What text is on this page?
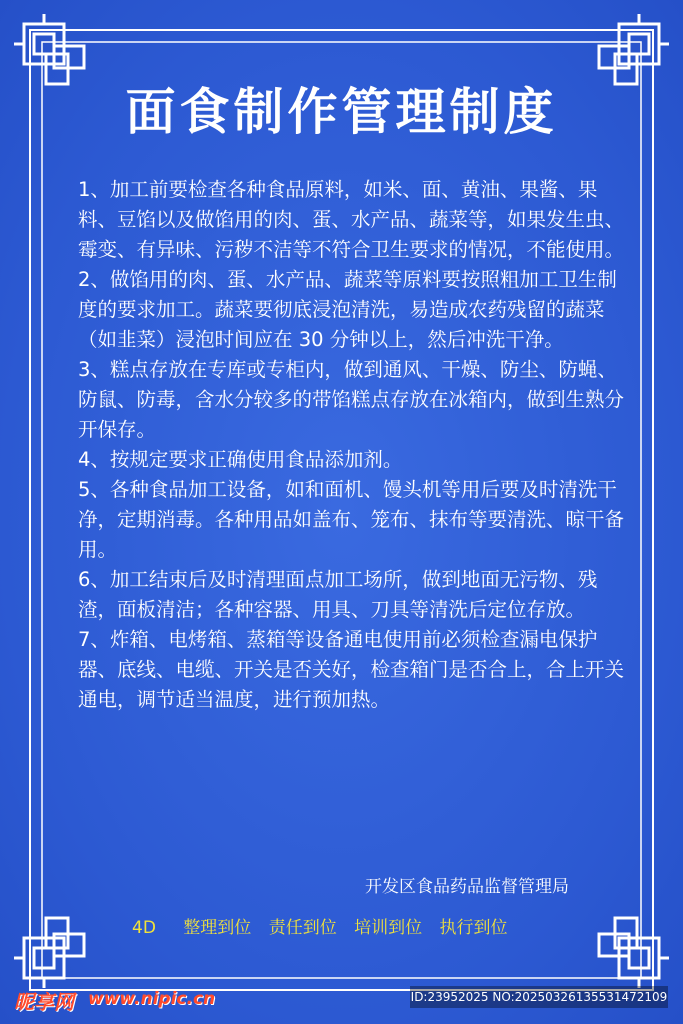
面食制作管理制度

1、加工前要检查各种食品原料，如米、面、黄油、果酱、果料、豆馅以及做馅用的肉、蛋、水产品、蔬菜等，如果发生虫、霉变、有异味、污秽不洁等不符合卫生要求的情况，不能使用。

2、做馅用的肉、蛋、水产品、蔬菜等原料要按照粗加工卫生制度的要求加工。蔬菜要彻底浸泡清洗，易造成农药残留的蔬菜（如韭菜）浸泡时间应在 30 分钟以上，然后冲洗干净。

3、糕点存放在专库或专柜内，做到通风、干燥、防尘、防蝇、防鼠、防毒，含水分较多的带馅糕点存放在冰箱内，做到生熟分开保存。

4、按规定要求正确使用食品添加剂。

5、各种食品加工设备，如和面机、馒头机等用后要及时清洗干净，定期消毒。各种用品如盖布、笼布、抹布等要清洗、晾干备用。

6、加工结束后及时清理面点加工场所，做到地面无污物、残渣，面板清洁；各种容器、用具、刀具等清洗后定位存放。

7、炸箱、电烤箱、蒸箱等设备通电使用前必须检查漏电保护器、底线、电缆、开关是否关好，检查箱门是否合上，合上开关通电，调节适当温度，进行预加热。

开发区食品药品监督管理局
4D 整理到位 责任到位 培训到位 执行到位
昵享网 www.nipic.cn	ID:23952025 NO:20250326135531472109
